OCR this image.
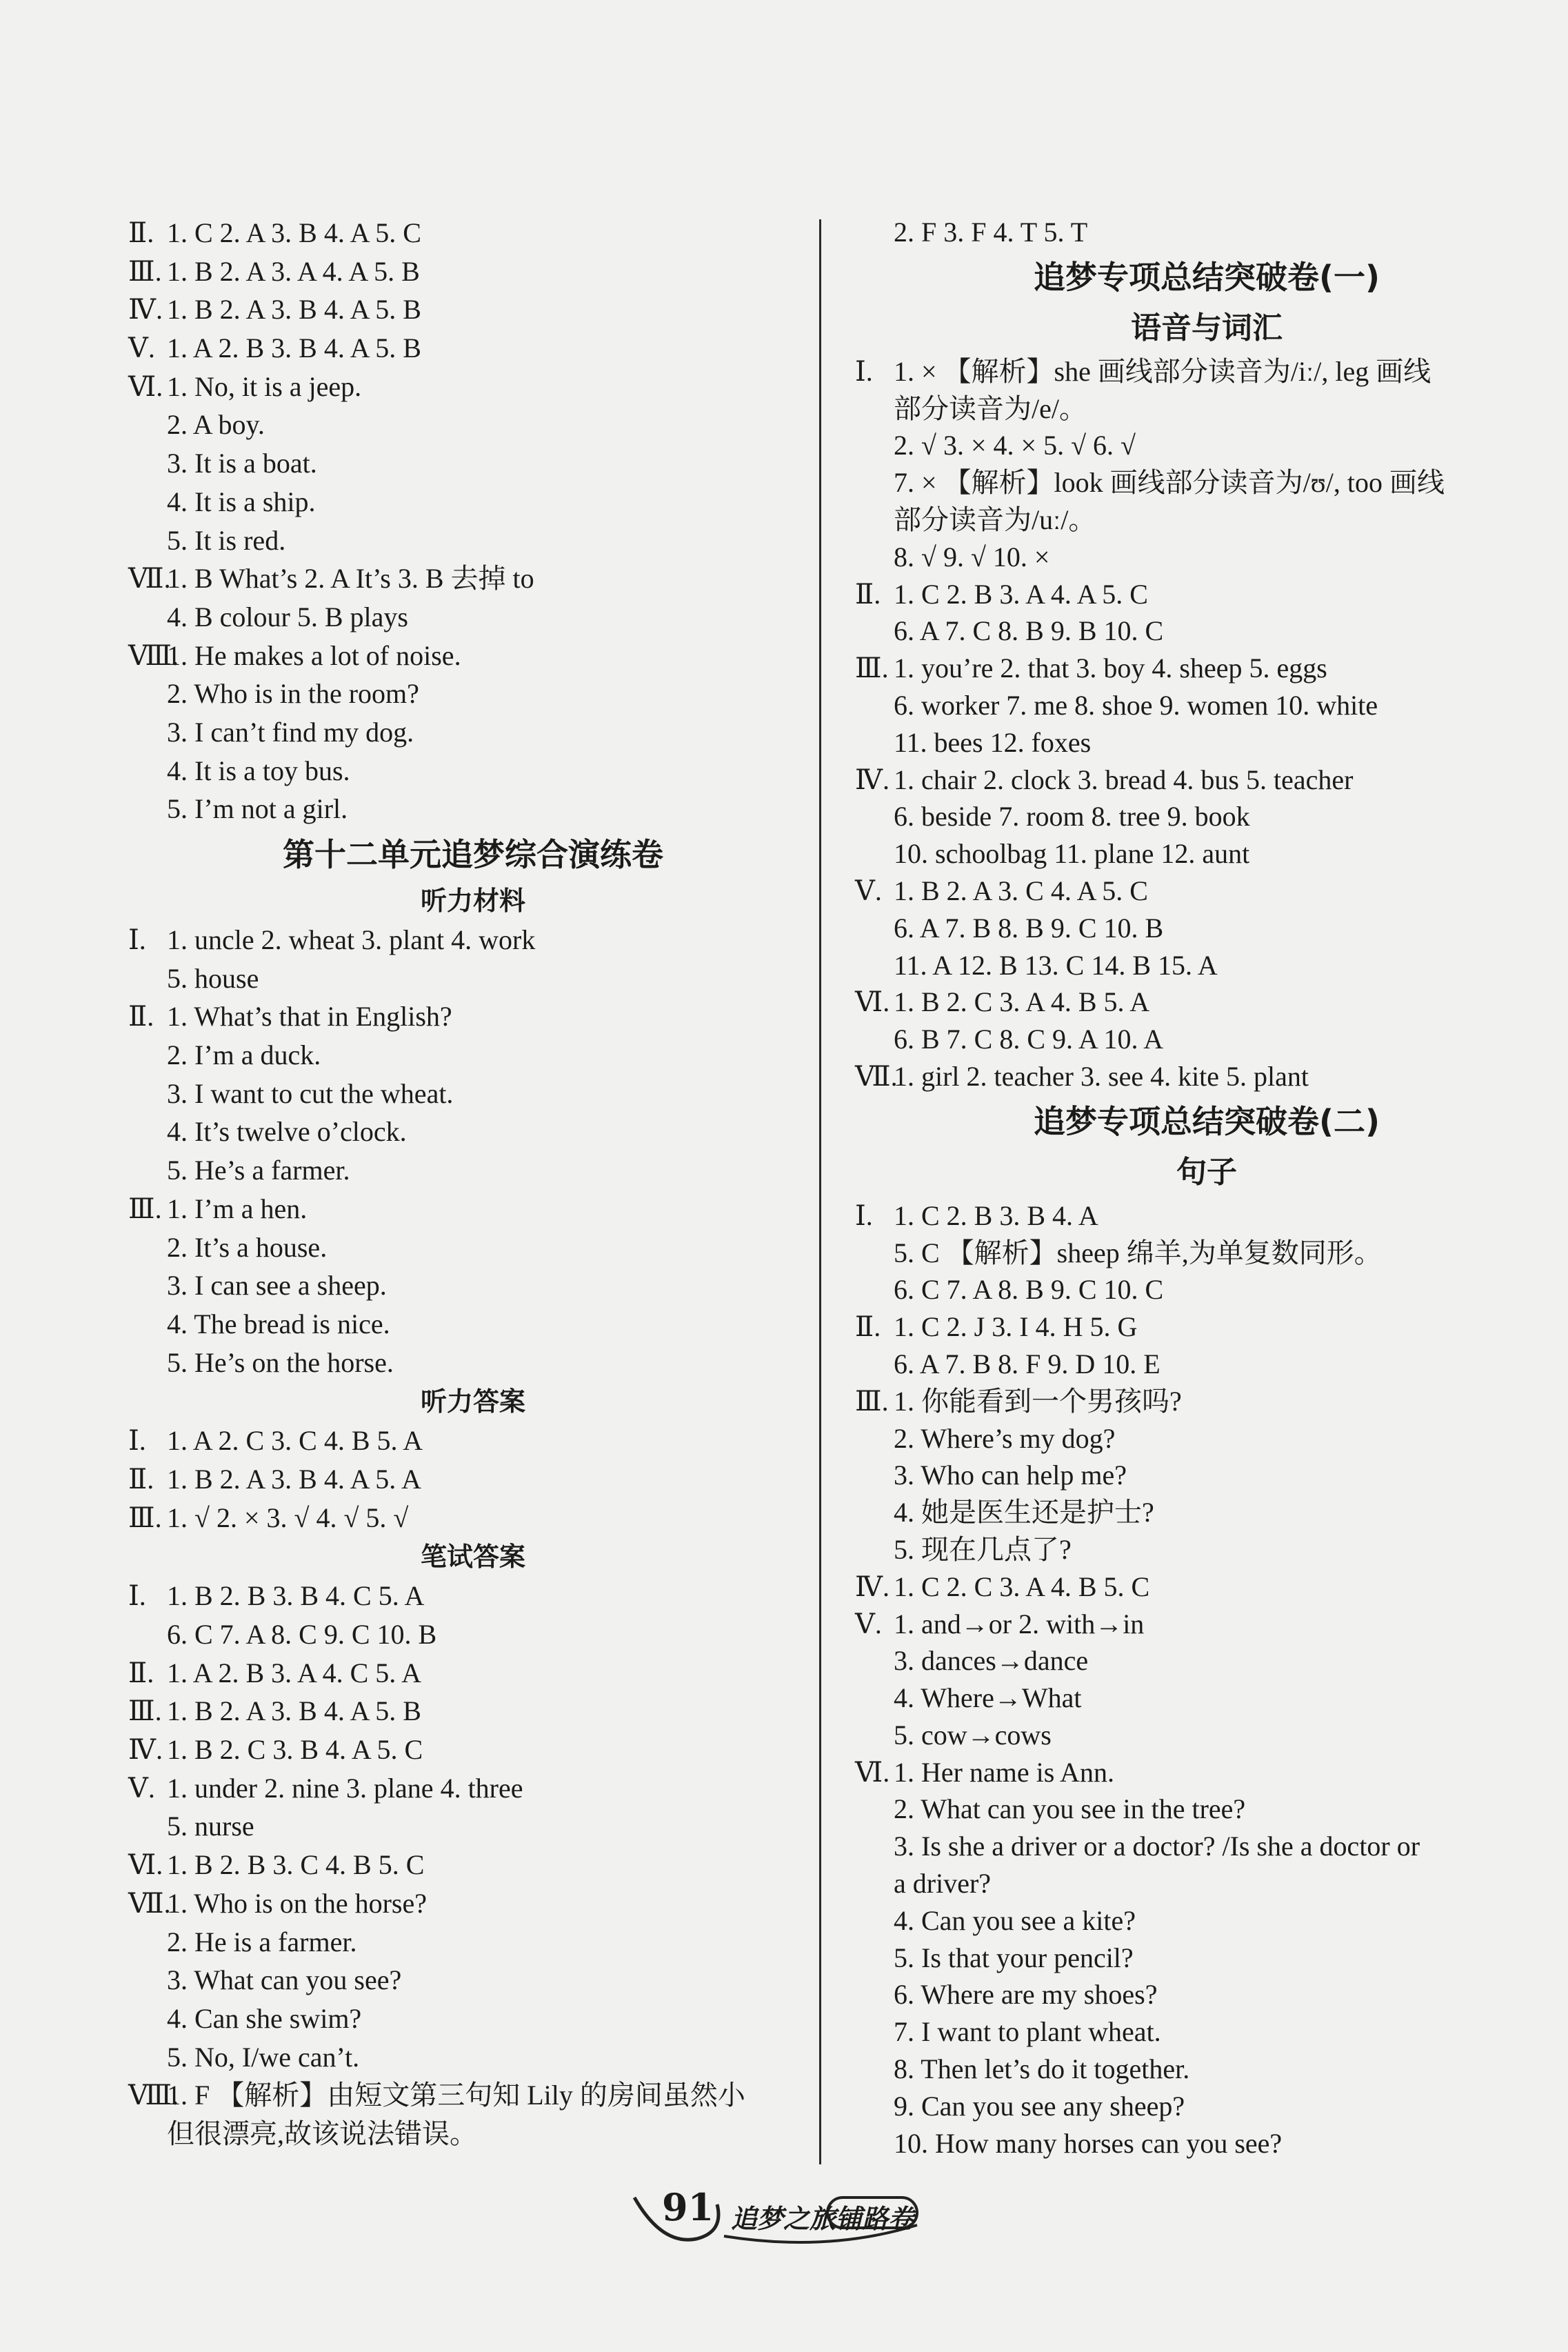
Ⅱ. 1. C 2. A 3. B 4. A 5. C
Ⅲ. 1. B 2. A 3. A 4. A 5. B
Ⅳ. 1. B 2. A 3. B 4. A 5. B
Ⅴ. 1. A 2. B 3. B 4. A 5. B
Ⅵ. 1. No, it is a jeep.
2. A boy.
3. It is a boat.
4. It is a ship.
5. It is red.
Ⅶ.
1. B What’s 2. A It’s 3. B 去掉 to
4. B colour 5. B plays
Ⅷ.
1. He makes a lot of noise.
2. Who is in the room?
3. I can’t find my dog.
4. It is a toy bus.
5. I’m not a girl.
第十二单元追梦综合演练卷
听力材料
Ⅰ. 1. uncle 2. wheat 3. plant 4. work
5. house
Ⅱ. 1. What’s that in English?
2. I’m a duck.
3. I want to cut the wheat.
4. It’s twelve o’clock.
5. He’s a farmer.
Ⅲ. 1. I’m a hen.
2. It’s a house.
3. I can see a sheep.
4. The bread is nice.
5. He’s on the horse.
听力答案
Ⅰ. 1. A 2. C 3. C 4. B 5. A
Ⅱ. 1. B 2. A 3. B 4. A 5. A
Ⅲ. 1. √ 2. × 3. √ 4. √ 5. √
笔试答案
Ⅰ. 1. B 2. B 3. B 4. C 5. A
6. C 7. A 8. C 9. C 10. B
Ⅱ. 1. A 2. B 3. A 4. C 5. A
Ⅲ. 1. B 2. A 3. B 4. A 5. B
Ⅳ. 1. B 2. C 3. B 4. A 5. C
Ⅴ. 1. under 2. nine 3. plane 4. three
5. nurse
Ⅵ. 1. B 2. B 3. C 4. B 5. C
Ⅶ.
1. Who is on the horse?
2. He is a farmer.
3. What can you see?
4. Can she swim?
5. No, I/we can’t.
Ⅷ.
1. F 【解析】由短文第三句知 Lily 的房间虽然小
但很漂亮,故该说法错误。
2. F 3. F 4. T 5. T
追梦专项总结突破卷(一)
语音与词汇
Ⅰ. 1. × 【解析】she 画线部分读音为/iː/, leg 画线
部分读音为/e/。
2. √ 3. × 4. × 5. √ 6. √
7. × 【解析】look 画线部分读音为/ʊ/, too 画线
部分读音为/uː/。
8. √ 9. √ 10. ×
Ⅱ. 1. C 2. B 3. A 4. A 5. C
6. A 7. C 8. B 9. B 10. C
Ⅲ. 1. you’re 2. that 3. boy 4. sheep 5. eggs
6. worker 7. me 8. shoe 9. women 10. white
11. bees 12. foxes
Ⅳ. 1. chair 2. clock 3. bread 4. bus 5. teacher
6. beside 7. room 8. tree 9. book
10. schoolbag 11. plane 12. aunt
Ⅴ. 1. B 2. A 3. C 4. A 5. C
6. A 7. B 8. B 9. C 10. B
11. A 12. B 13. C 14. B 15. A
Ⅵ. 1. B 2. C 3. A 4. B 5. A
6. B 7. C 8. C 9. A 10. A
Ⅶ.
1. girl 2. teacher 3. see 4. kite 5. plant
追梦专项总结突破卷(二)
句子
Ⅰ. 1. C 2. B 3. B 4. A
5. C 【解析】sheep 绵羊,为单复数同形。
6. C 7. A 8. B 9. C 10. C
Ⅱ. 1. C 2. J 3. I 4. H 5. G
6. A 7. B 8. F 9. D 10. E
Ⅲ. 1. 你能看到一个男孩吗?
2. Where’s my dog?
3. Who can help me?
4. 她是医生还是护士?
5. 现在几点了?
Ⅳ. 1. C 2. C 3. A 4. B 5. C
Ⅴ. 1. and→or 2. with→in
3. dances→dance
4. Where→What
5. cow→cows
Ⅵ. 1. Her name is Ann.
2. What can you see in the tree?
3. Is she a driver or a doctor? /Is she a doctor or
a driver?
4. Can you see a kite?
5. Is that your pencil?
6. Where are my shoes?
7. I want to plant wheat.
8. Then let’s do it together.
9. Can you see any sheep?
10. How many horses can you see?
91 追梦之旅铺路卷
